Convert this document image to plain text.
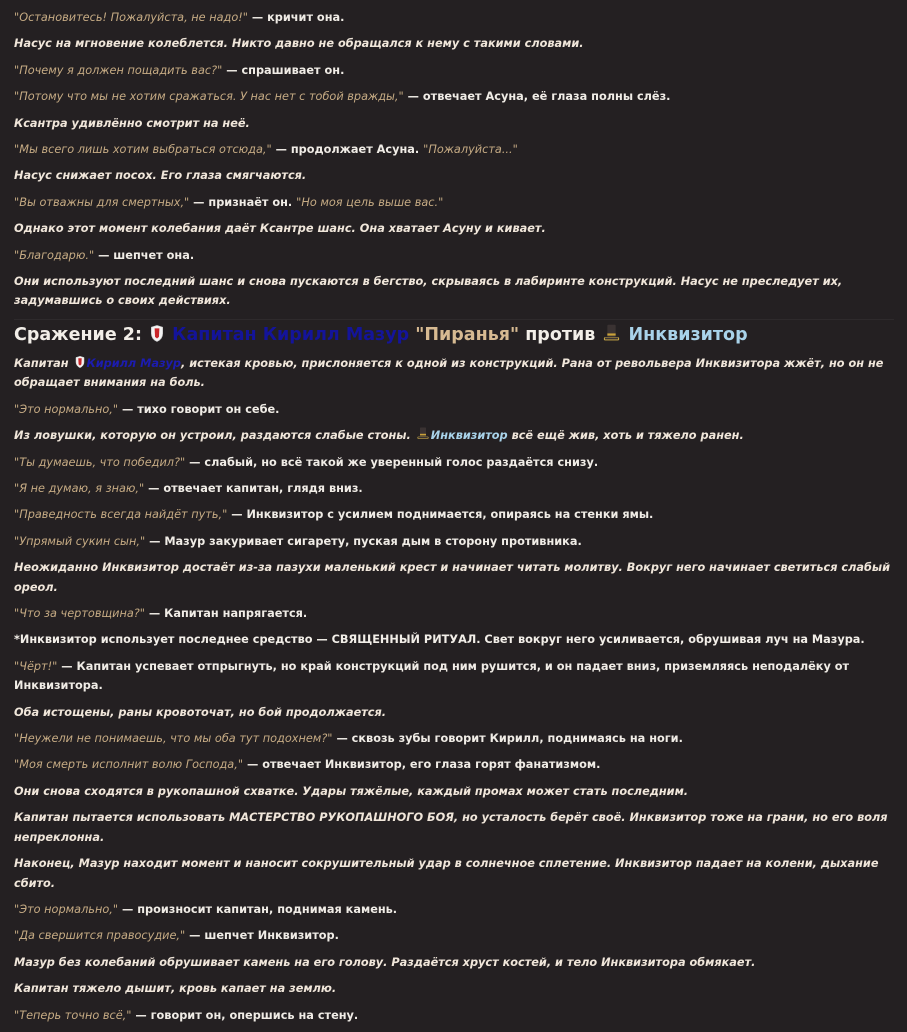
"Остановитесь! Пожалуйста, не надо!" — кричит она.
Насус на мгновение колеблется. Никто давно не обращался к нему с такими словами.
"Почему я должен пощадить вас?" — спрашивает он.
"Потому что мы не хотим сражаться. У нас нет с тобой вражды," — отвечает Асуна, её глаза полны слёз.
Ксантра удивлённо смотрит на неё.
"Мы всего лишь хотим выбраться отсюда," — продолжает Асуна. "Пожалуйста..."
Насус снижает посох. Его глаза смягчаются.
"Вы отважны для смертных," — признаёт он. "Но моя цель выше вас."
Однако этот момент колебания даёт Ксантре шанс. Она хватает Асуну и кивает.
"Благодарю." — шепчет она.
Они используют последний шанс и снова пускаются в бегство, скрываясь в лабиринте конструкций. Насус не преследует их, задумавшись о своих действиях.
Сражение 2:  Капитан Кирилл Мазур "Пиранья" против Инквизитор
Капитан Кирилл Мазур, истекая кровью, прислоняется к одной из конструкций. Рана от револьвера Инквизитора жжёт, но он не обращает внимания на боль.
"Это нормально," — тихо говорит он себе.
Из ловушки, которую он устроил, раздаются слабые стоны. Инквизитор всё ещё жив, хоть и тяжело ранен.
"Ты думаешь, что победил?" — слабый, но всё такой же уверенный голос раздаётся снизу.
"Я не думаю, я знаю," — отвечает капитан, глядя вниз.
"Праведность всегда найдёт путь," — Инквизитор с усилием поднимается, опираясь на стенки ямы.
"Упрямый сукин сын," — Мазур закуривает сигарету, пуская дым в сторону противника.
Неожиданно Инквизитор достаёт из-за пазухи маленький крест и начинает читать молитву. Вокруг него начинает светиться слабый ореол.
"Что за чертовщина?" — Капитан напрягается.
*Инквизитор использует последнее средство — СВЯЩЕННЫЙ РИТУАЛ. Свет вокруг него усиливается, обрушивая луч на Мазура.
"Чёрт!" — Капитан успевает отпрыгнуть, но край конструкций под ним рушится, и он падает вниз, приземляясь неподалёку от Инквизитора.
Оба истощены, раны кровоточат, но бой продолжается.
"Неужели не понимаешь, что мы оба тут подохнем?" — сквозь зубы говорит Кирилл, поднимаясь на ноги.
"Моя смерть исполнит волю Господа," — отвечает Инквизитор, его глаза горят фанатизмом.
Они снова сходятся в рукопашной схватке. Удары тяжёлые, каждый промах может стать последним.
Капитан пытается использовать МАСТЕРСТВО РУКОПАШНОГО БОЯ, но усталость берёт своё. Инквизитор тоже на грани, но его воля непреклонна.
Наконец, Мазур находит момент и наносит сокрушительный удар в солнечное сплетение. Инквизитор падает на колени, дыхание сбито.
"Это нормально," — произносит капитан, поднимая камень.
"Да свершится правосудие," — шепчет Инквизитор.
Мазур без колебаний обрушивает камень на его голову. Раздаётся хруст костей, и тело Инквизитора обмякает.
Капитан тяжело дышит, кровь капает на землю.
"Теперь точно всё," — говорит он, опершись на стену.
